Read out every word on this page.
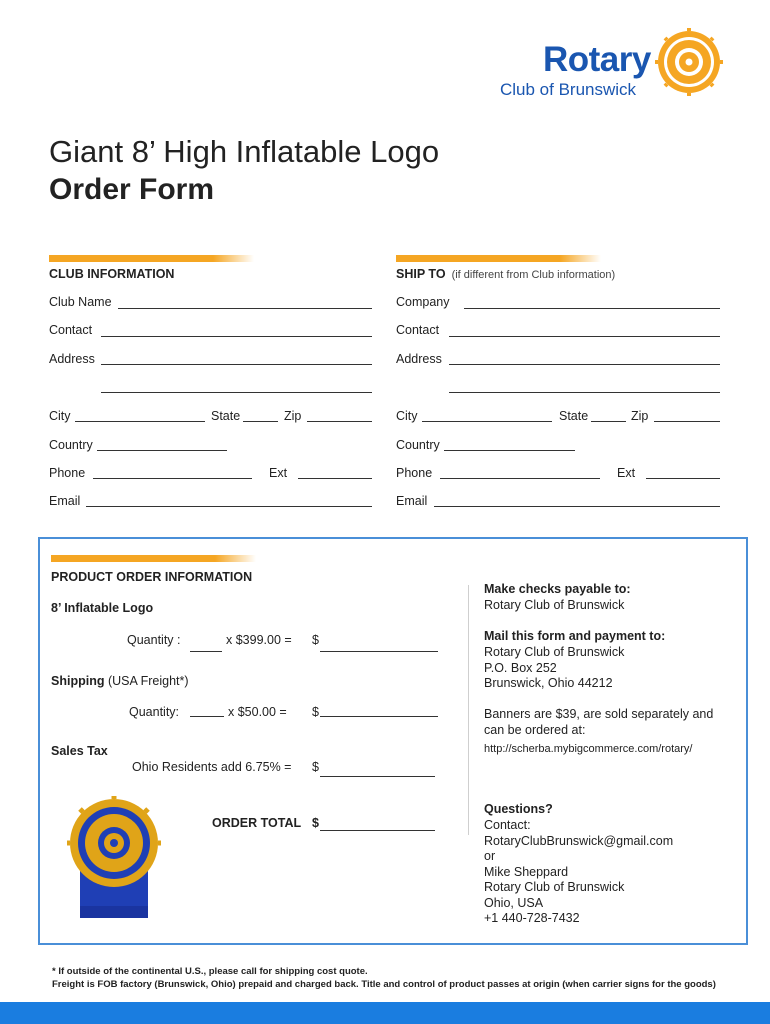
Rotary
Club of Brunswick
Giant 8’ High Inflatable Logo
Order Form
CLUB INFORMATION
Club Name
Contact
Address
City	State	Zip
Country
Phone	Ext
Email
SHIP TO (if different from Club information)
Company
Contact
Address
City	State	Zip
Country
Phone	Ext
Email
PRODUCT ORDER INFORMATION
8’ Inflatable Logo
Quantity :	x $399.00 = $
Shipping (USA Freight*)
Quantity:	x $50.00 = $
Sales Tax
Ohio Residents add 6.75% = $
ORDER TOTAL $
Make checks payable to:
Rotary Club of Brunswick
Mail this form and payment to:
Rotary Club of Brunswick
P.O. Box 252
Brunswick, Ohio 44212
Banners are $39, are sold separately and
can be ordered at:
http://scherba.mybigcommerce.com/rotary/
Questions?
Contact:
RotaryClubBrunswick@gmail.com
or
Mike Sheppard
Rotary Club of Brunswick
Ohio, USA
+1 440-728-7432
* If outside of the continental U.S., please call for shipping cost quote.
Freight is FOB factory (Brunswick, Ohio) prepaid and charged back. Title and control of product passes at origin (when carrier signs for the goods)
